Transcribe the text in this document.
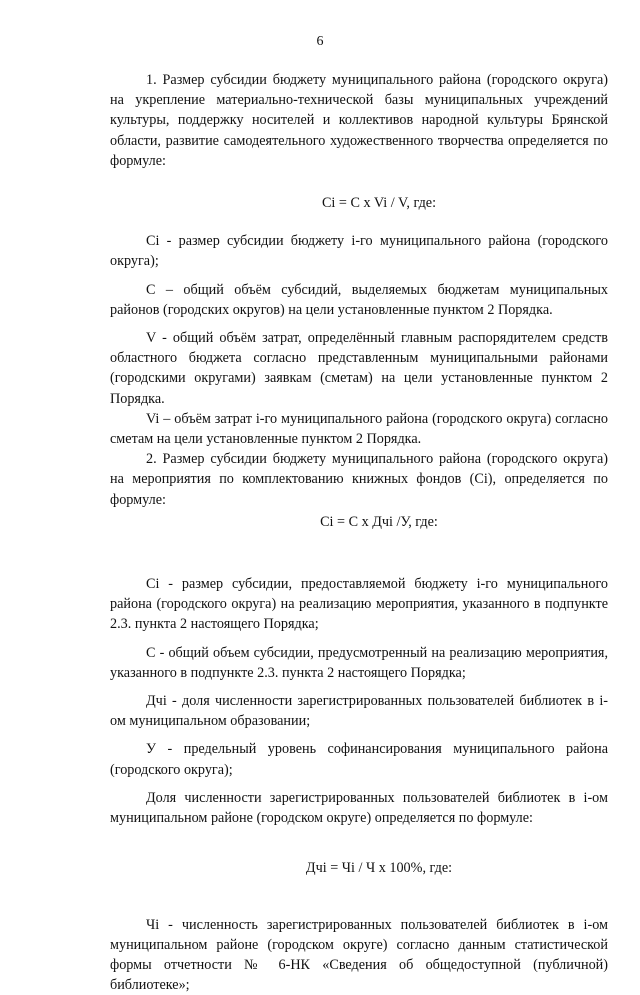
6

1. Размер субсидии бюджету муниципального района (городского округа) на укрепление материально-технической базы муниципальных учреждений культуры, поддержку носителей и коллективов народной культуры Брянской области, развитие самодеятельного художественного творчества определяется по формуле:

Ci = C x Vi / V, где:

Ci - размер субсидии бюджету i-го муниципального района (городского округа);

C – общий объём субсидий, выделяемых бюджетам муниципальных районов (городских округов) на цели установленные пунктом 2 Порядка.

V - общий объём затрат, определённый главным распорядителем средств областного бюджета согласно представленным муниципальными районами (городскими округами) заявкам (сметам) на цели установленные пунктом 2 Порядка.

Vi – объём затрат i-го муниципального района (городского округа) согласно сметам на цели установленные пунктом 2 Порядка.

2. Размер субсидии бюджету муниципального района (городского округа) на мероприятия по комплектованию книжных фондов (Ci), определяется по формуле:

Ci = C x Дчi /У, где:

Ci - размер субсидии, предоставляемой бюджету i-го муниципального района (городского округа) на реализацию мероприятия, указанного в подпункте 2.3. пункта 2 настоящего Порядка;

C - общий объем субсидии, предусмотренный на реализацию мероприятия, указанного в подпункте 2.3. пункта 2 настоящего Порядка;

Дчi - доля численности зарегистрированных пользователей библиотек в i-ом муниципальном образовании;

У - предельный уровень софинансирования муниципального района (городского округа);

Доля численности зарегистрированных пользователей библиотек в i-ом муниципальном районе (городском округе) определяется по формуле:

Дчi = Чi / Ч x 100%, где:

Чi - численность зарегистрированных пользователей библиотек в i-ом муниципальном районе (городском округе) согласно данным статистической формы отчетности № 6-НК «Сведения об общедоступной (публичной) библиотеке»;
